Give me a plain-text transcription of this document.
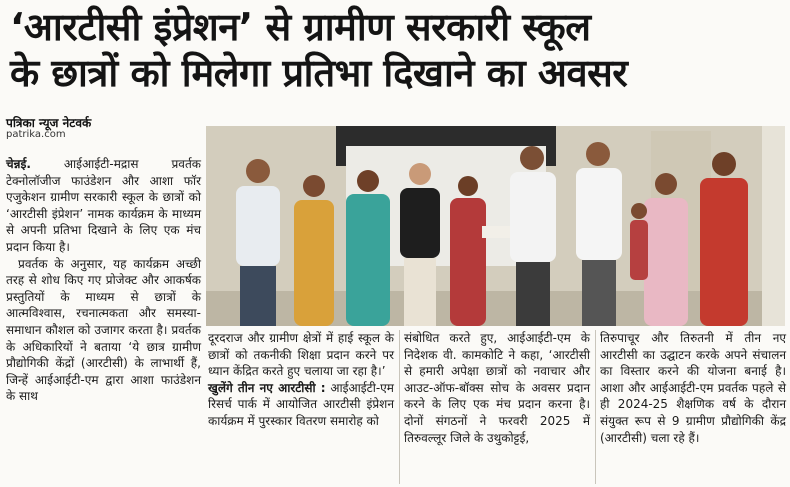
‘आरटीसी इंप्रेशन’ से ग्रामीण सरकारी स्कूल
के छात्रों को मिलेगा प्रतिभा दिखाने का अवसर
पत्रिका न्यूज नेटवर्क
patrika.com

चेन्नई.	आईआईटी-मद्रास प्रवर्तक टेक्नोलॉजीज फाउंडेशन और आशा फॉर एजुकेशन ग्रामीण सरकारी स्कूल के छात्रों को ‘आरटीसी इंप्रेशन’ नामक कार्यक्रम के माध्यम से अपनी प्रतिभा दिखाने के लिए एक मंच प्रदान किया है।

प्रवर्तक के अनुसार, यह कार्यक्रम अच्छी तरह से शोध किए गए प्रोजेक्ट और आकर्षक प्रस्तुतियों के माध्यम से छात्रों के आत्मविश्वास, रचनात्मकता और समस्या-समाधान कौशल को उजागर करता है। प्रवर्तक के अधिकारियों ने बताया ‘ये छात्र ग्रामीण प्रौद्योगिकी केंद्रों (आरटीसी) के लाभार्थी हैं, जिन्हें आईआईटी-एम द्वारा आशा फाउंडेशन के साथ

दूरदराज और ग्रामीण क्षेत्रों में हाई स्कूल के छात्रों को तकनीकी शिक्षा प्रदान करने पर ध्यान केंद्रित करते हुए चलाया जा रहा है।’

खुलेंगे तीन नए आरटीसी : आईआईटी-एम रिसर्च पार्क में आयोजित आरटीसी इंप्रेशन कार्यक्रम में पुरस्कार वितरण समारोह को

संबोधित करते हुए, आईआईटी-एम के निदेशक वी. कामकोटि ने कहा, ‘आरटीसी से हमारी अपेक्षा छात्रों को नवाचार और आउट-ऑफ-बॉक्स सोच के अवसर प्रदान करने के लिए एक मंच प्रदान करना है। दोनों संगठनों ने फरवरी 2025 में तिरुवल्लूर जिले के उथुकोट्टई,

तिरुपाचूर और तिरुतनी में तीन नए आरटीसी का उद्घाटन करके अपने संचालन का विस्तार करने की योजना बनाई है। आशा और आईआईटी-एम प्रवर्तक पहले से ही 2024-25 शैक्षणिक वर्ष के दौरान संयुक्त रूप से 9 ग्रामीण प्रौद्योगिकी केंद्र (आरटीसी) चला रहे हैं।
